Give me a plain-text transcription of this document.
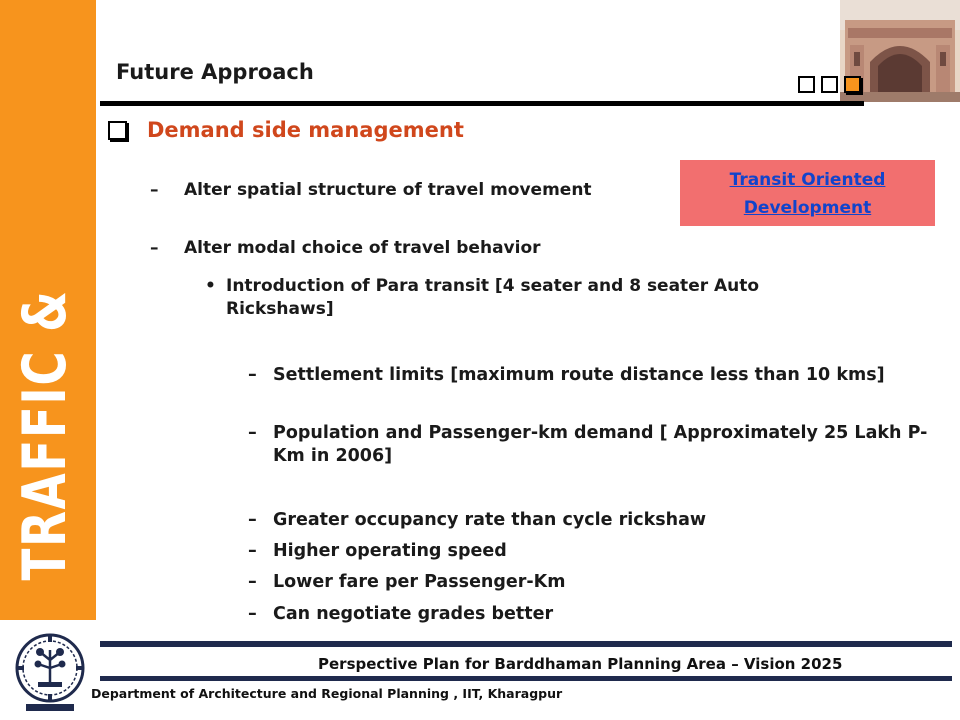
TRAFFIC & TRANSPORT
Future Approach
Demand side management
–	Alter spatial structure of travel movement
–	Alter modal choice of travel behavior
• Introduction of Para transit [4 seater and 8 seater Auto Rickshaws]
– Settlement limits [maximum route distance less than 10 kms]
– Population and Passenger-km demand [ Approximately 25 Lakh P-Km in 2006]
– Greater occupancy rate than cycle rickshaw
– Higher operating speed
– Lower fare per Passenger-Km
– Can negotiate grades better
Transit Oriented Development
Perspective Plan for Barddhaman Planning Area – Vision 2025
Department of Architecture and Regional Planning , IIT, Kharagpur
